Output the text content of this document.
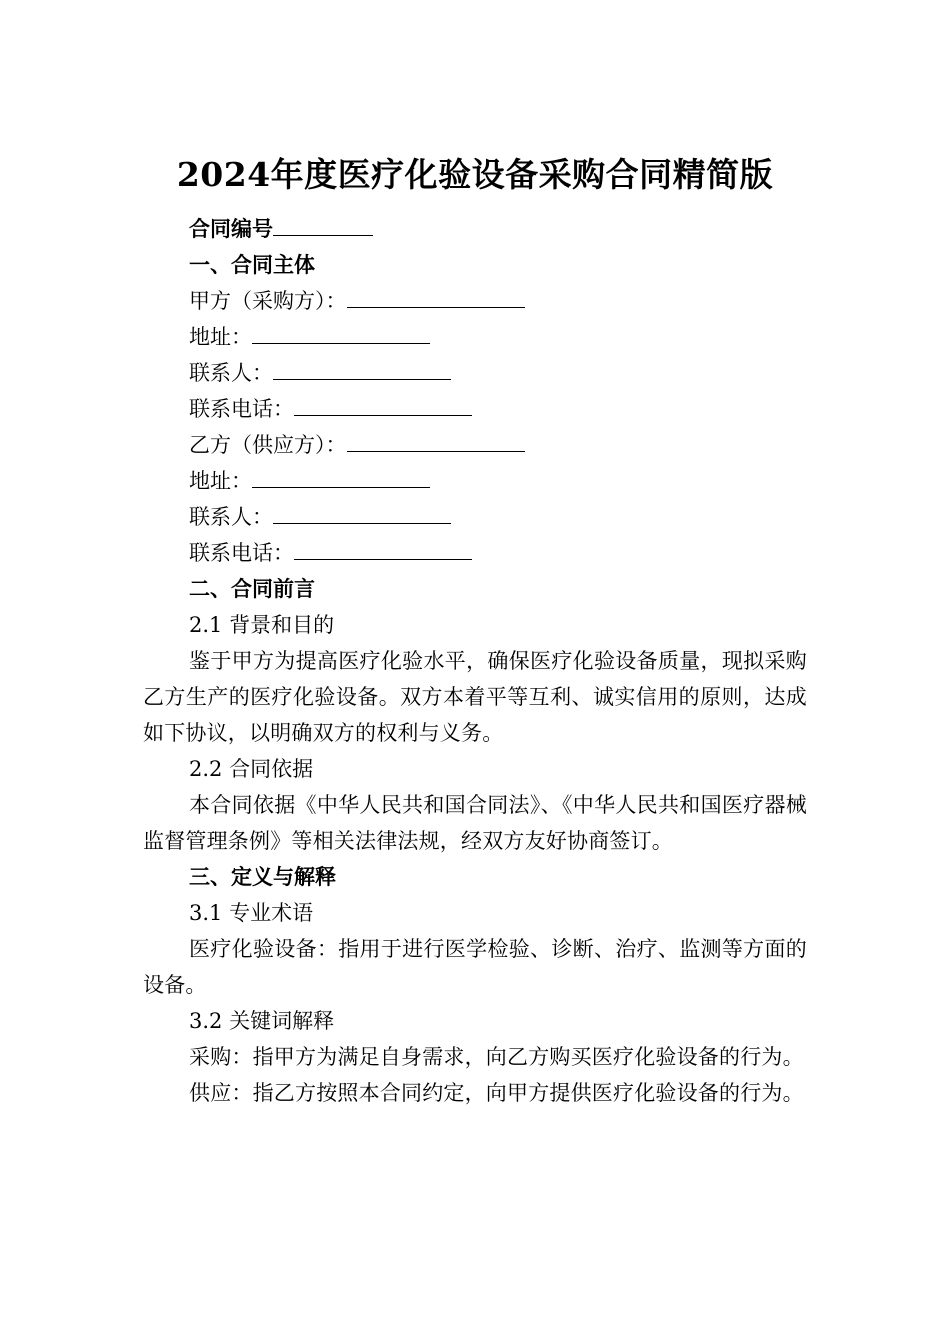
2024年度医疗化验设备采购合同精简版
合同编号
一、合同主体
甲方（采购方）：
地址：
联系人：
联系电话：
乙方（供应方）：
地址：
联系人：
联系电话：
二、合同前言
2.1 背景和目的
鉴于甲方为提高医疗化验水平，确保医疗化验设备质量，现拟采购乙方生产的医疗化验设备。双方本着平等互利、诚实信用的原则，达成如下协议，以明确双方的权利与义务。
2.2 合同依据
本合同依据《中华人民共和国合同法》、《中华人民共和国医疗器械监督管理条例》等相关法律法规，经双方友好协商签订。
三、定义与解释
3.1 专业术语
医疗化验设备：指用于进行医学检验、诊断、治疗、监测等方面的设备。
3.2 关键词解释
采购：指甲方为满足自身需求，向乙方购买医疗化验设备的行为。
供应：指乙方按照本合同约定，向甲方提供医疗化验设备的行为。
